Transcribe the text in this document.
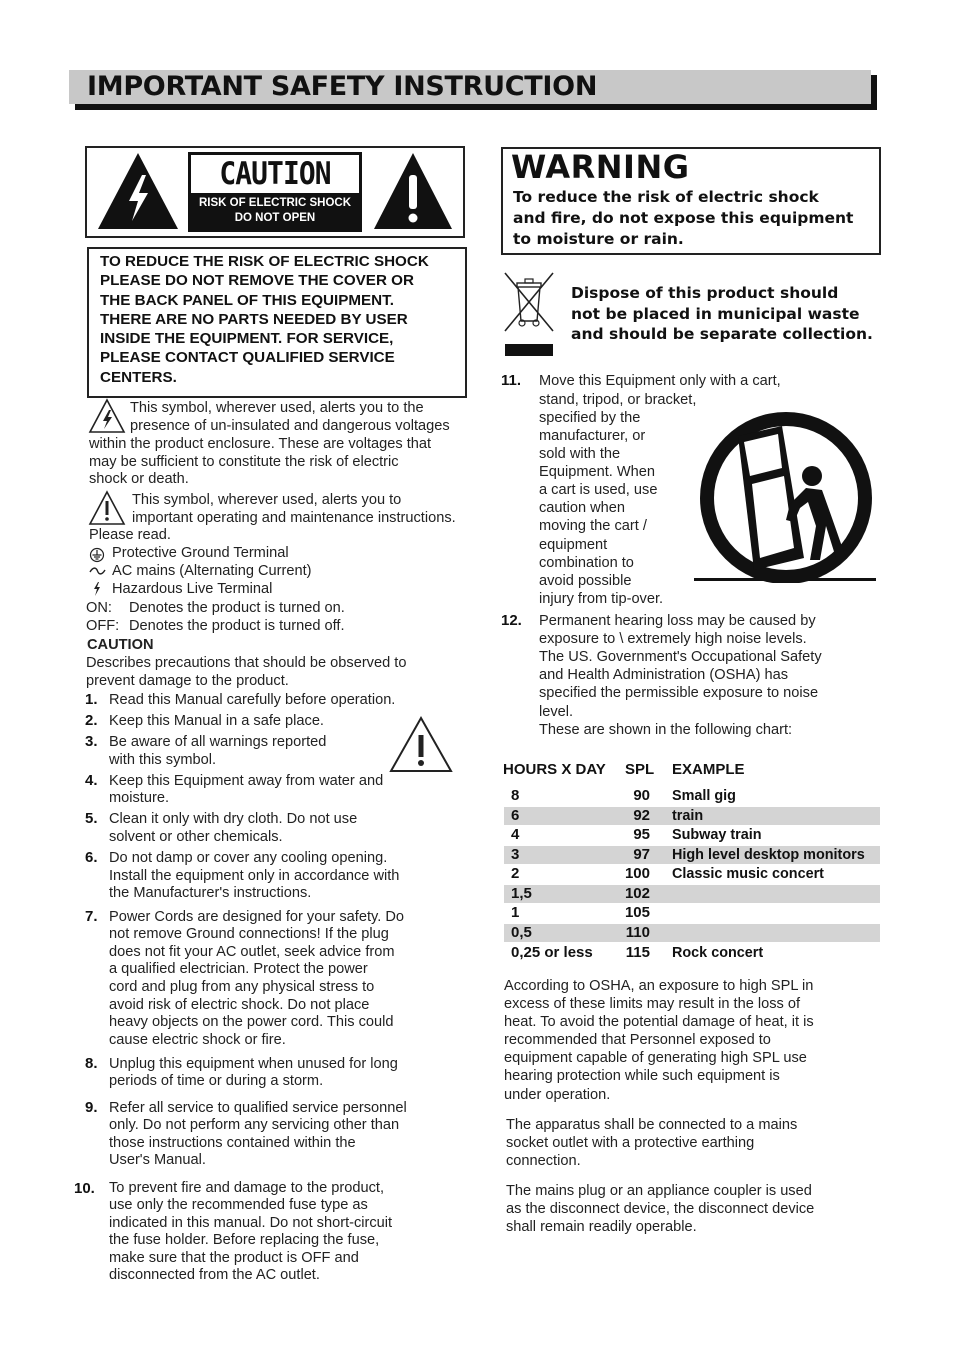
IMPORTANT SAFETY INSTRUCTION
CAUTION
RISK OF ELECTRIC SHOCK
DO NOT OPEN
TO REDUCE THE RISK OF ELECTRIC SHOCK
PLEASE DO NOT REMOVE THE COVER OR
THE BACK PANEL OF THIS EQUIPMENT.
THERE ARE NO PARTS NEEDED BY USER
INSIDE THE EQUIPMENT. FOR SERVICE,
PLEASE CONTACT QUALIFIED SERVICE
CENTERS.
This symbol, wherever used, alerts you to the
presence of un-insulated and dangerous voltages
within the product enclosure. These are voltages that
may be sufficient to constitute the risk of electric
shock or death.
This symbol, wherever used, alerts you to
important operating and maintenance instructions.
Please read.
Protective Ground Terminal
AC mains (Alternating Current)
Hazardous Live Terminal
ON: Denotes the product is turned on.
OFF: Denotes the product is turned off.
CAUTION
Describes precautions that should be observed to
prevent damage to the product.
1. Read this Manual carefully before operation.
2. Keep this Manual in a safe place.
3. Be aware of all warnings reported
with this symbol.
4. Keep this Equipment away from water and
moisture.
5. Clean it only with dry cloth. Do not use
solvent or other chemicals.
6. Do not damp or cover any cooling opening.
Install the equipment only in accordance with
the Manufacturer's instructions.
7. Power Cords are designed for your safety. Do
not remove Ground connections! If the plug
does not fit your AC outlet, seek advice from
a qualified electrician. Protect the power
cord and plug from any physical stress to
avoid risk of electric shock. Do not place
heavy objects on the power cord. This could
cause electric shock or fire.
8. Unplug this equipment when unused for long
periods of time or during a storm.
9. Refer all service to qualified service personnel
only. Do not perform any servicing other than
those instructions contained within the
User's Manual.
10. To prevent fire and damage to the product,
use only the recommended fuse type as
indicated in this manual. Do not short-circuit
the fuse holder. Before replacing the fuse,
make sure that the product is OFF and
disconnected from the AC outlet.
WARNING
To reduce the risk of electric shock
and fire, do not expose this equipment
to moisture or rain.
Dispose of this product should
not be placed in municipal waste
and should be separate collection.
11. Move this Equipment only with a cart,
stand, tripod, or bracket,
specified by the
manufacturer, or
sold with the
Equipment. When
a cart is used, use
caution when
moving the cart /
equipment
combination to
avoid possible
injury from tip-over.
12. Permanent hearing loss may be caused by
exposure to \ extremely high noise levels.
The US. Government's Occupational Safety
and Health Administration (OSHA) has
specified the permissible exposure to noise
level.
These are shown in the following chart:
HOURS X DAY SPL EXAMPLE
8	90 Small gig
6	92 train
4	95 Subway train
3	97 High level desktop monitors
2	100 Classic music concert
1,5	102
1	105
0,5	110
0,25 or less	115 Rock concert
According to OSHA, an exposure to high SPL in
excess of these limits may result in the loss of
heat. To avoid the potential damage of heat, it is
recommended that Personnel exposed to
equipment capable of generating high SPL use
hearing protection while such equipment is
under operation.
The apparatus shall be connected to a mains
socket outlet with a protective earthing
connection.
The mains plug or an appliance coupler is used
as the disconnect device, the disconnect device
shall remain readily operable.
